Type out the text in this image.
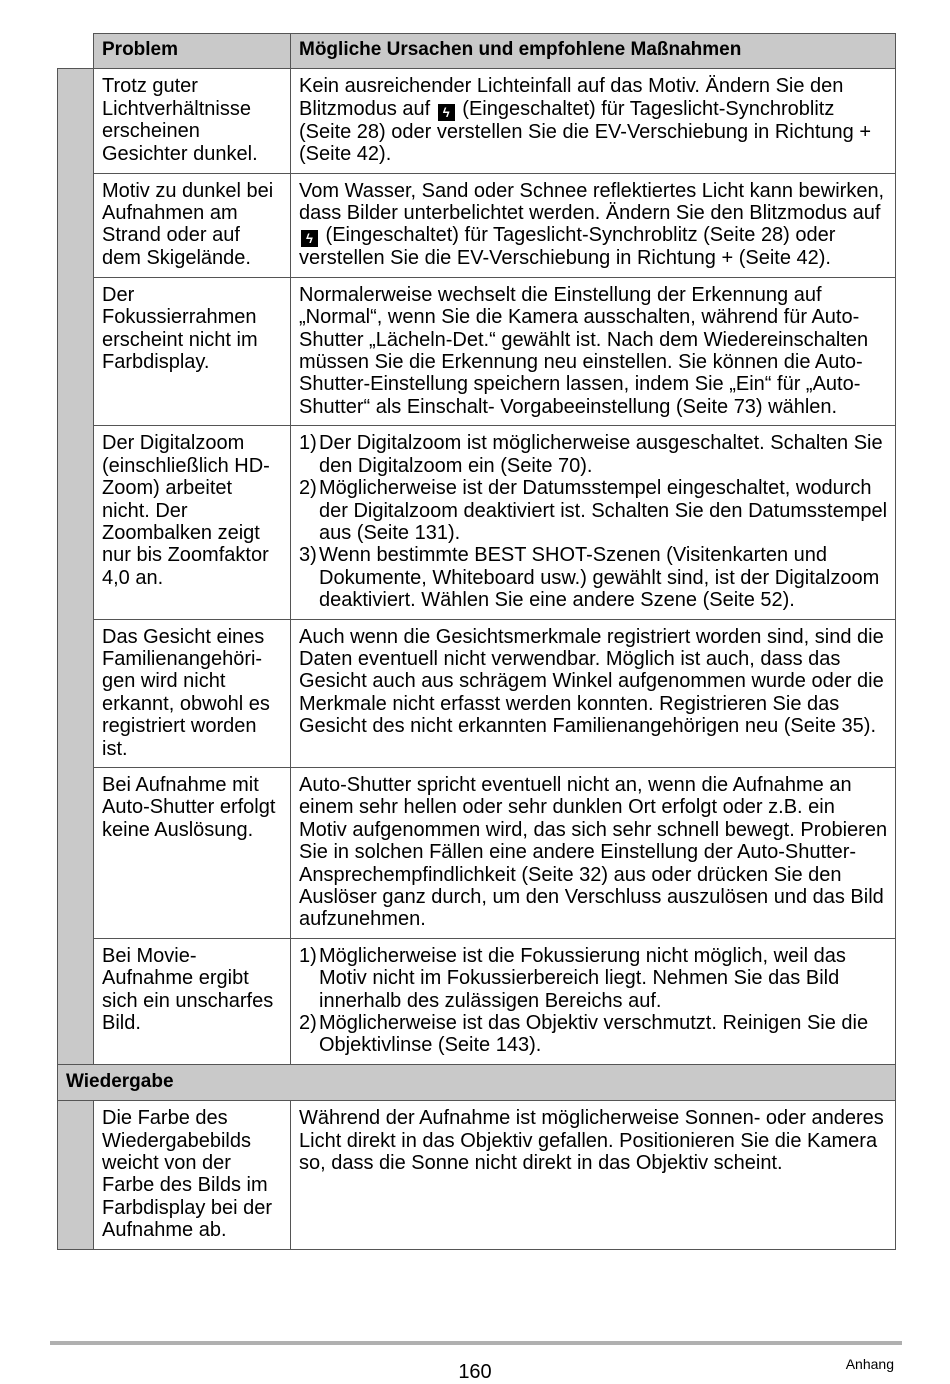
	Problem	Mögliche Ursachen und empfohlene Maßnahmen
	Trotz guter Lichtverhältnisse erscheinen Gesichter dunkel.	Kein ausreichender Lichteinfall auf das Motiv. Ändern Sie den Blitzmodus auf ϟ (Eingeschaltet) für Tageslicht-Synchroblitz (Seite 28) oder verstellen Sie die EV-Verschiebung in Richtung + (Seite 42).
	Motiv zu dunkel bei Aufnahmen am Strand oder auf dem Skigelände.	Vom Wasser, Sand oder Schnee reflektiertes Licht kann bewirken, dass Bilder unterbelichtet werden. Ändern Sie den Blitzmodus auf ϟ (Eingeschaltet) für Tageslicht-Synchroblitz (Seite 28) oder verstellen Sie die EV-Verschiebung in Richtung + (Seite 42).
	Der Fokussierrahmen erscheint nicht im Farbdisplay.	Normalerweise wechselt die Einstellung der Erkennung auf „Normal“, wenn Sie die Kamera ausschalten, während für Auto-Shutter „Lächeln-Det.“ gewählt ist. Nach dem Wiedereinschalten müssen Sie die Erkennung neu einstellen. Sie können die Auto-Shutter-Einstellung speichern lassen, indem Sie „Ein“ für „Auto-Shutter“ als Einschalt- Vorgabeeinstellung (Seite 73) wählen.
	Der Digitalzoom (einschließlich HD-Zoom) arbeitet nicht. Der Zoombalken zeigt nur bis Zoomfaktor 4,0 an.	1) Der Digitalzoom ist möglicherweise ausgeschaltet. Schalten Sie den Digitalzoom ein (Seite 70).

2) Möglicherweise ist der Datumsstempel eingeschaltet, wodurch der Digitalzoom deaktiviert ist. Schalten Sie den Datumsstempel aus (Seite 131).

3) Wenn bestimmte BEST SHOT-Szenen (Visitenkarten und Dokumente, Whiteboard usw.) gewählt sind, ist der Digitalzoom deaktiviert. Wählen Sie eine andere Szene (Seite 52).

	Das Gesicht eines Familienangehöri-gen wird nicht erkannt, obwohl es registriert worden ist.	Auch wenn die Gesichtsmerkmale registriert worden sind, sind die Daten eventuell nicht verwendbar. Möglich ist auch, dass das Gesicht auch aus schrägem Winkel aufgenommen wurde oder die Merkmale nicht erfasst werden konnten. Registrieren Sie das Gesicht des nicht erkannten Familienangehörigen neu (Seite 35).
	Bei Aufnahme mit Auto-Shutter erfolgt keine Auslösung.	Auto-Shutter spricht eventuell nicht an, wenn die Aufnahme an einem sehr hellen oder sehr dunklen Ort erfolgt oder z.B. ein Motiv aufgenommen wird, das sich sehr schnell bewegt. Probieren Sie in solchen Fällen eine andere Einstellung der Auto-Shutter-Ansprechempfindlichkeit (Seite 32) aus oder drücken Sie den Auslöser ganz durch, um den Verschluss auszulösen und das Bild aufzunehmen.
	Bei Movie-Aufnahme ergibt sich ein unscharfes Bild.	1) Möglicherweise ist die Fokussierung nicht möglich, weil das Motiv nicht im Fokussierbereich liegt. Nehmen Sie das Bild innerhalb des zulässigen Bereichs auf.

2) Möglicherweise ist das Objektiv verschmutzt. Reinigen Sie die Objektivlinse (Seite 143).

Wiedergabe		
	Die Farbe des Wiedergabebilds weicht von der Farbe des Bilds im Farbdisplay bei der Aufnahme ab.	Während der Aufnahme ist möglicherweise Sonnen- oder anderes Licht direkt in das Objektiv gefallen. Positionieren Sie die Kamera so, dass die Sonne nicht direkt in das Objektiv scheint.
160	Anhang
